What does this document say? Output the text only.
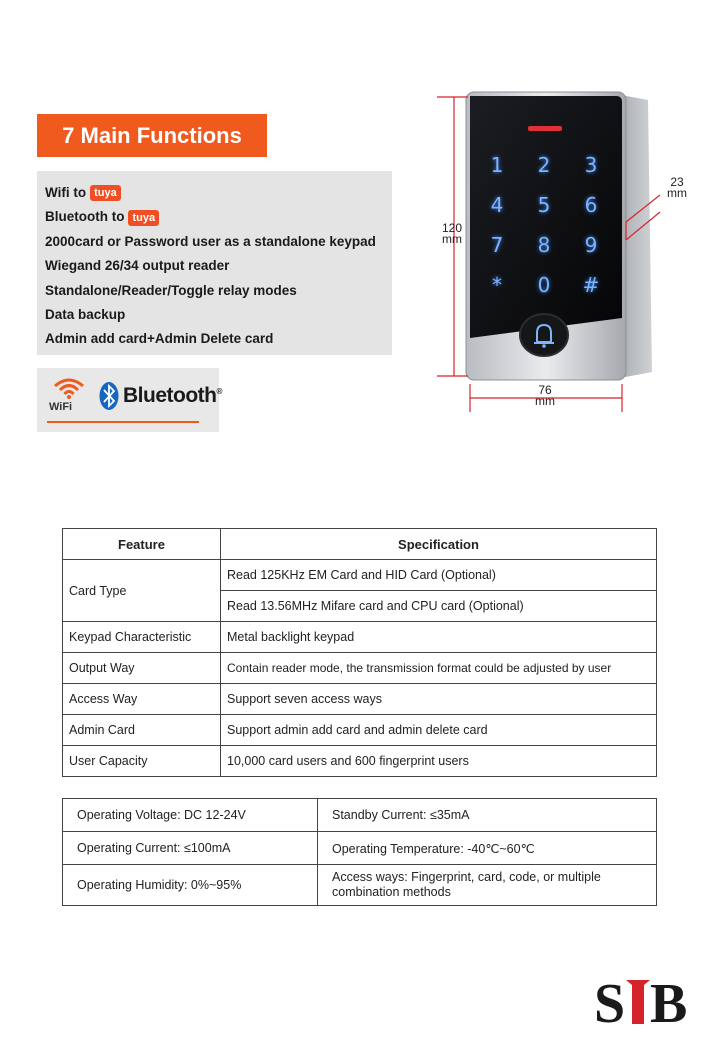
7 Main Functions
Wifi to tuya
Bluetooth to tuya
2000card or Password user as a standalone keypad
Wiegand 26/34 output reader
Standalone/Reader/Toggle relay modes
Data backup
Admin add card+Admin Delete card
WiFi Bluetooth®
1	2	3
4	5	6
7	8	9
*	0	#
120
mm
23
mm
76
mm
Feature	Specification
Card Type	Read 125KHz EM Card and HID Card (Optional)
	Read 13.56MHz Mifare card and CPU card (Optional)
Keypad Characteristic	Metal backlight keypad
Output Way	Contain reader mode, the transmission format could be adjusted by user
Access Way	Support seven access ways
Admin Card	Support admin add card and admin delete card
User Capacity	10,000 card users and 600 fingerprint users
Operating Voltage: DC 12-24V	Standby Current: ≤35mA
Operating Current: ≤100mA	Operating Temperature: -40℃~60℃
Operating Humidity: 0%~95%	Access ways: Fingerprint, card, code, or multiple combination methods
S B
